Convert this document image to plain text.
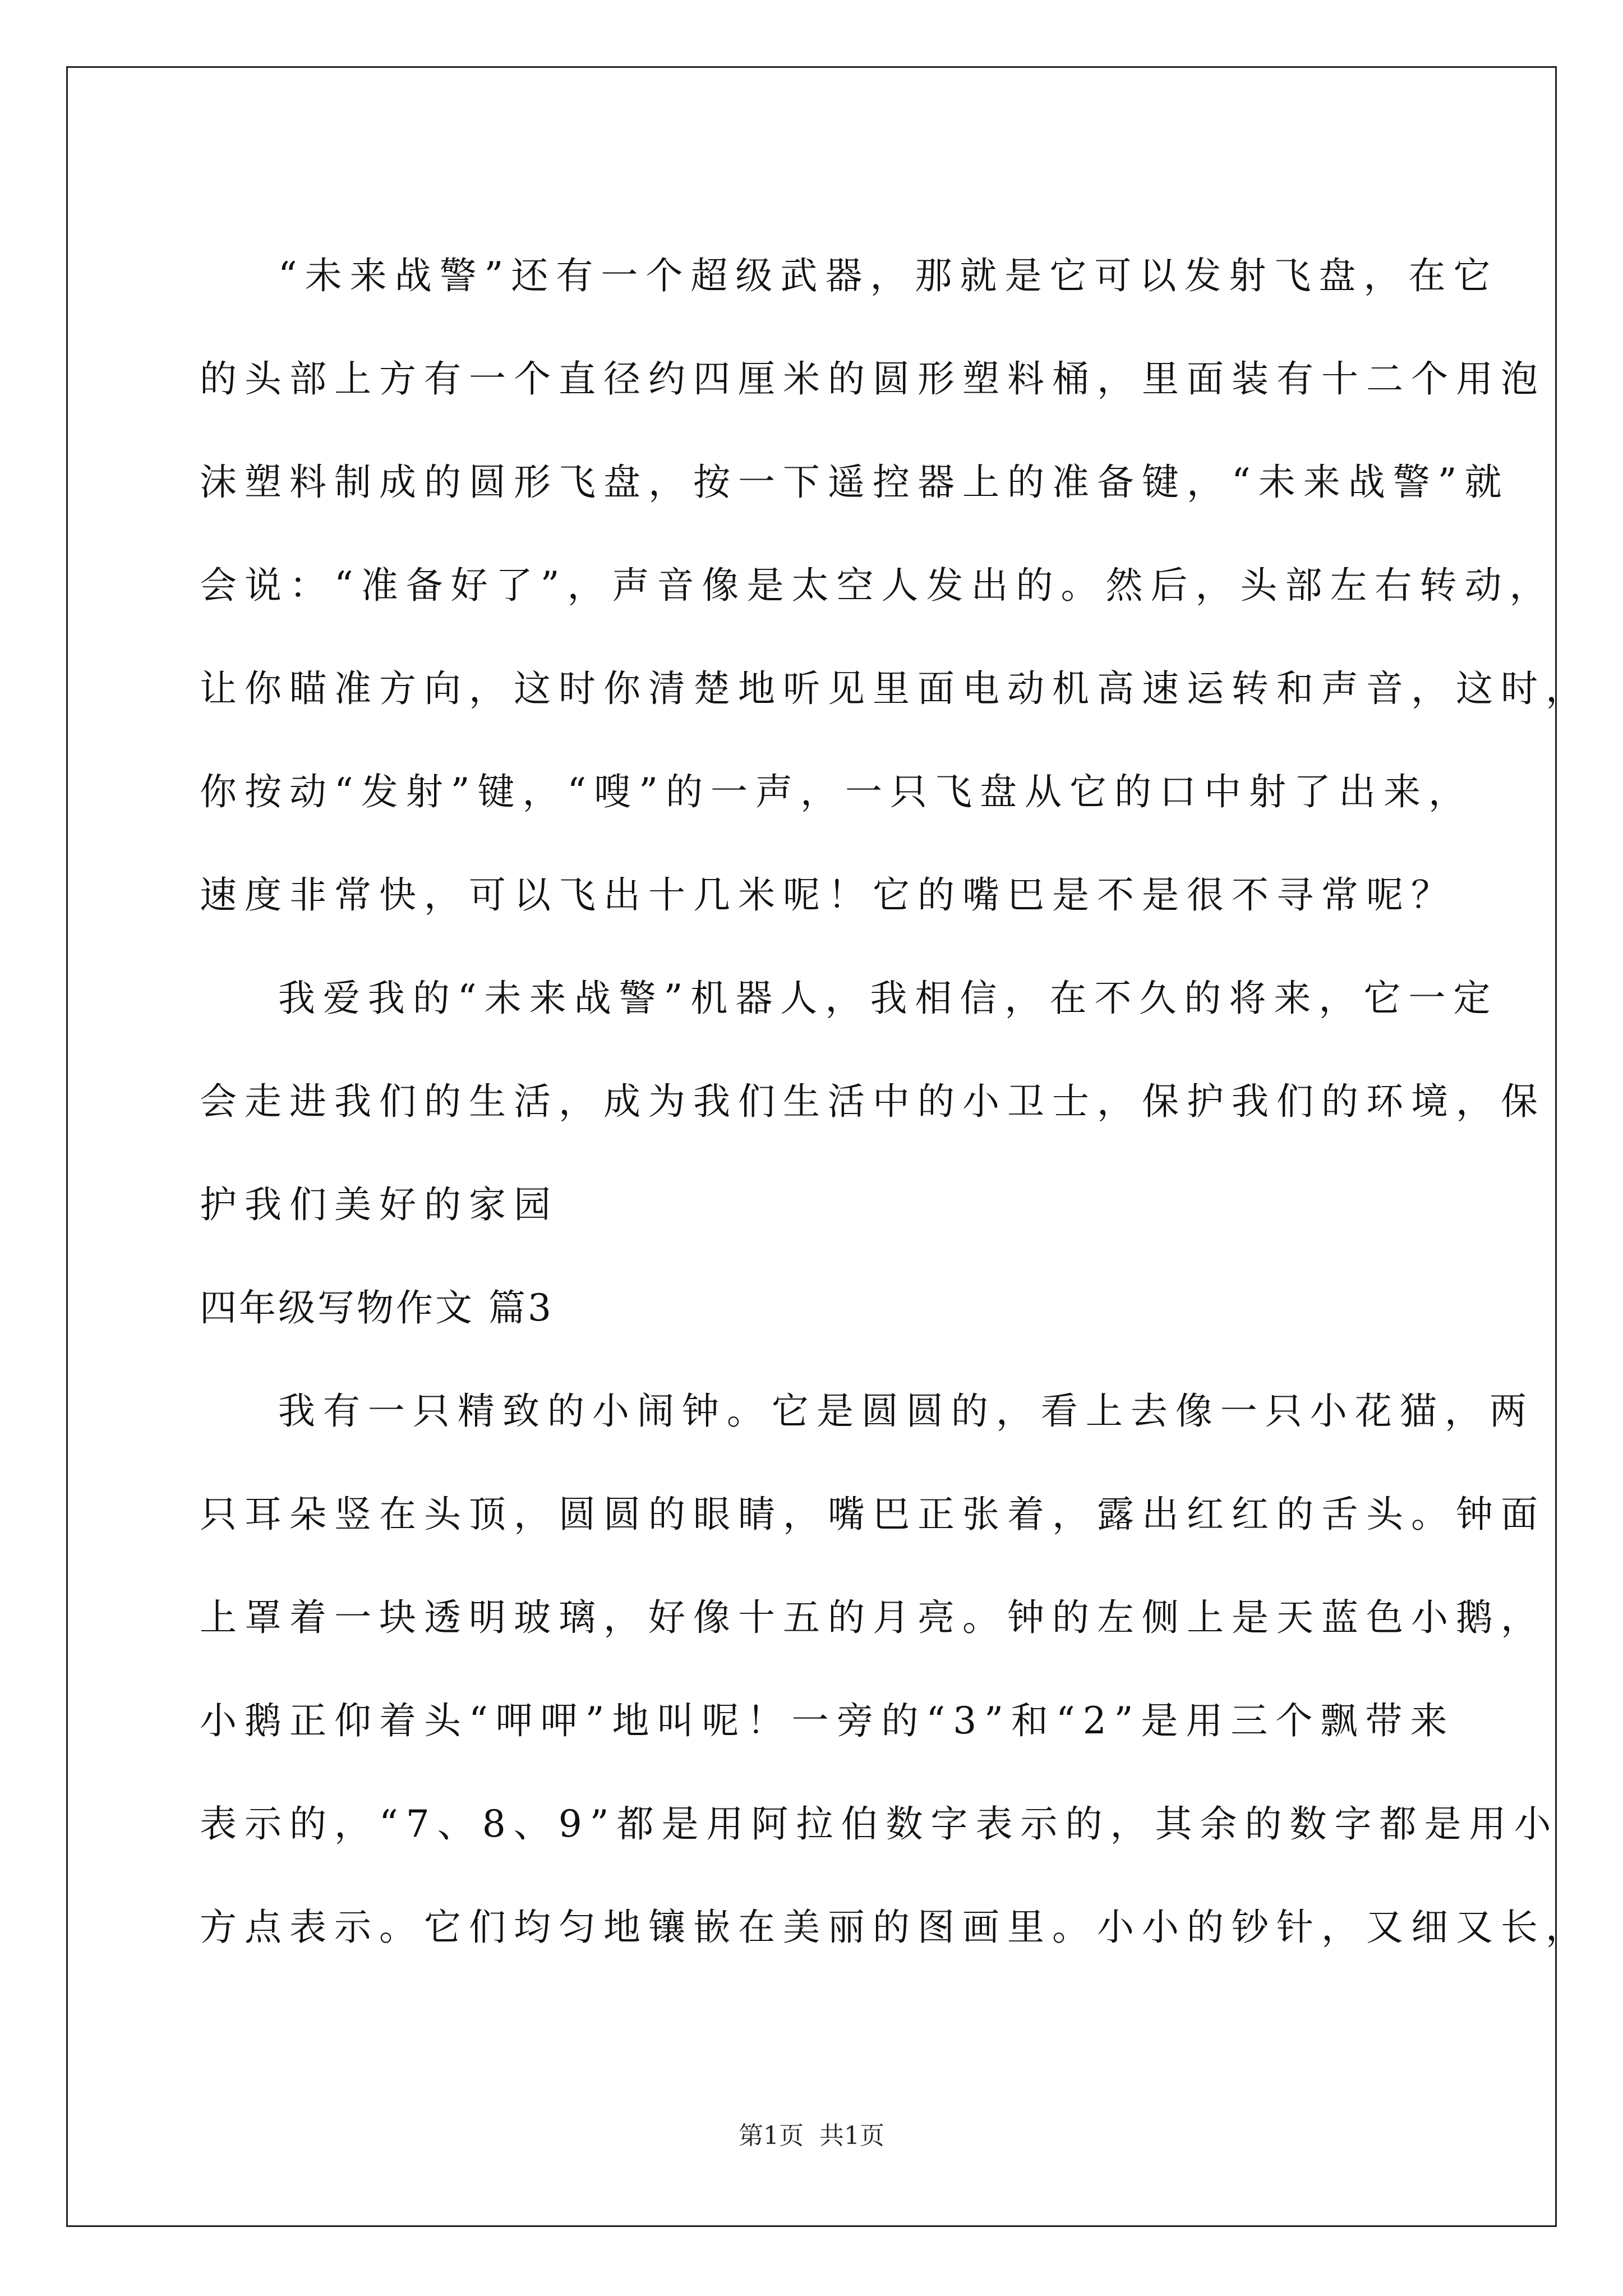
“未来战警”还有一个超级武器，那就是它可以发射飞盘，在它

的头部上方有一个直径约四厘米的圆形塑料桶，里面装有十二个用泡

沫塑料制成的圆形飞盘，按一下遥控器上的准备键，“未来战警”就

会说：“准备好了”，声音像是太空人发出的。然后，头部左右转动，

让你瞄准方向，这时你清楚地听见里面电动机高速运转和声音，这时，

你按动“发射”键，“嗖”的一声，一只飞盘从它的口中射了出来，

速度非常快，可以飞出十几米呢！它的嘴巴是不是很不寻常呢？

我爱我的“未来战警”机器人，我相信，在不久的将来，它一定

会走进我们的生活，成为我们生活中的小卫士，保护我们的环境，保

护我们美好的家园

四年级写物作文 篇3

我有一只精致的小闹钟。它是圆圆的，看上去像一只小花猫，两

只耳朵竖在头顶，圆圆的眼睛，嘴巴正张着，露出红红的舌头。钟面

上罩着一块透明玻璃，好像十五的月亮。钟的左侧上是天蓝色小鹅，

小鹅正仰着头“呷呷”地叫呢！一旁的“3”和“2”是用三个飘带来

表示的，“7、8、9”都是用阿拉伯数字表示的，其余的数字都是用小

方点表示。它们均匀地镶嵌在美丽的图画里。小小的钞针，又细又长，

第1页  共1页
